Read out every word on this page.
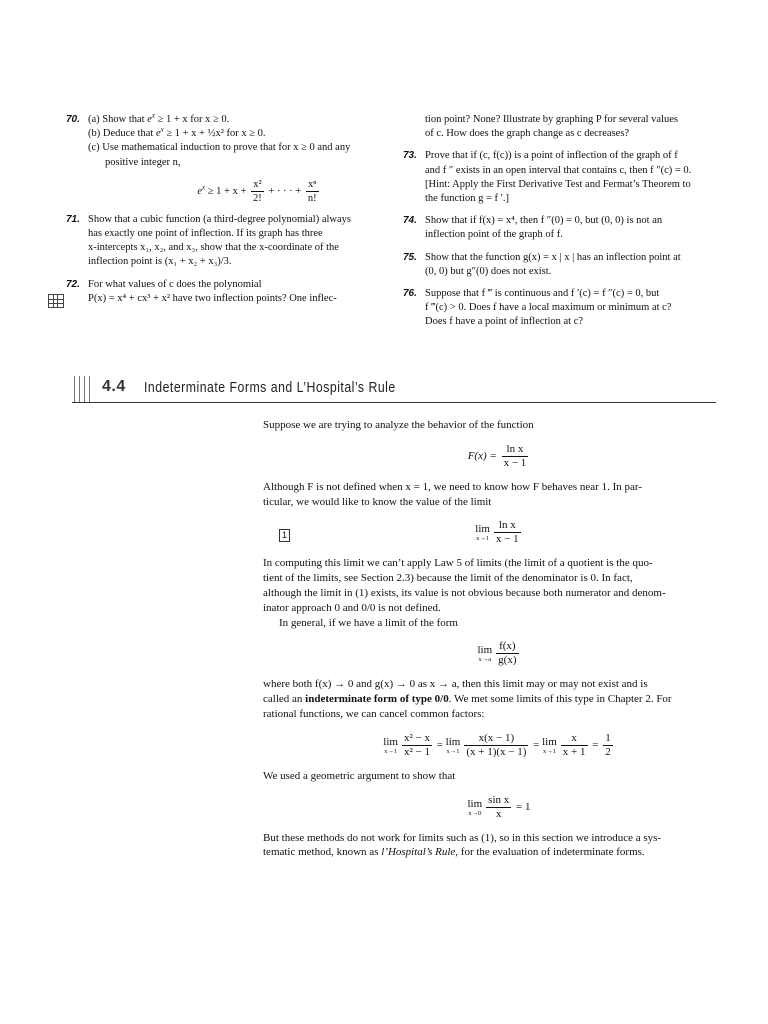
70. (a) Show that $e^x \ge 1 + x$ for x ≥ 0.
(b) Deduce that $e^x \ge 1 + x$ + ½x² for x ≥ 0.
(c) Use mathematical induction to prove that for x ≥ 0 and any
positive integer n,
$e^x \ge 1 + x + \frac{\text{x²}}{2!}$ + · · · + $\frac{\text{xⁿ}}{n!}$
71. Show that a cubic function (a third-degree polynomial) always
has exactly one point of inflection. If its graph has three
x-intercepts x₁, x₂, and x₃, show that the x-coordinate of the
inflection point is (x₁ + x₂ + x₃)/3.
72. For what values of c does the polynomial
P(x) = x⁴ + cx³ + x² have two inflection points? One inflec-
tion point? None? Illustrate by graphing P for several values
of c. How does the graph change as c decreases?
73. Prove that if (c, f(c)) is a point of inflection of the graph of f
and f ″ exists in an open interval that contains c, then f ″(c) = 0.
[Hint: Apply the First Derivative Test and Fermat’s Theorem to
the function g = f ′.]
74. Show that if f(x) = x⁴, then f ″(0) = 0, but (0, 0) is not an
inflection point of the graph of f.
75. Show that the function g(x) = x | x | has an inflection point at
(0, 0) but g″(0) does not exist.
76. Suppose that f ‴ is continuous and f ′(c) = f ″(c) = 0, but
f ‴(c) > 0. Does f have a local maximum or minimum at c?
Does f have a point of inflection at c?
4.4 Indeterminate Forms and L’Hospital’s Rule

Suppose we are trying to analyze the behavior of the function

$F(x) = \frac{\text{ln x}}{x - 1}$

Although F is not defined when x = 1, we need to know how F behaves near 1. In par-
ticular, we would like to know the value of the limit

1	lim
$x\to 1 \frac{\text{ln x}}{x - 1}$

In computing this limit we can’t apply Law 5 of limits (the limit of a quotient is the quo-
tient of the limits, see Section 2.3) because the limit of the denominator is 0. In fact,
although the limit in (1) exists, its value is not obvious because both numerator and denom-
inator approach 0 and 0/0 is not defined.

In general, if we have a limit of the form

lim
$x\to a \frac{f(x)}{g(x)}$

where both f(x) → 0 and g(x) → 0 as x → a, then this limit may or may not exist and is
called an indeterminate form of type 0/0. We met some limits of this type in Chapter 2. For
rational functions, we can cancel common factors:

lim
$x\to 1 \frac{\text{x² − x}}{\text{x² − 1}} = \lim$
$x\to 1 \frac{x(x - 1)}{(x + 1)(x - 1)} = \lim$
$x\to 1 \frac{x}{x + 1} = \frac{1}{2}$

We used a geometric argument to show that

lim
$x\to 0 \frac{\text{sin x}}{x} = 1$

But these methods do not work for limits such as (1), so in this section we introduce a sys-
tematic method, known as l’Hospital’s Rule, for the evaluation of indeterminate forms.
